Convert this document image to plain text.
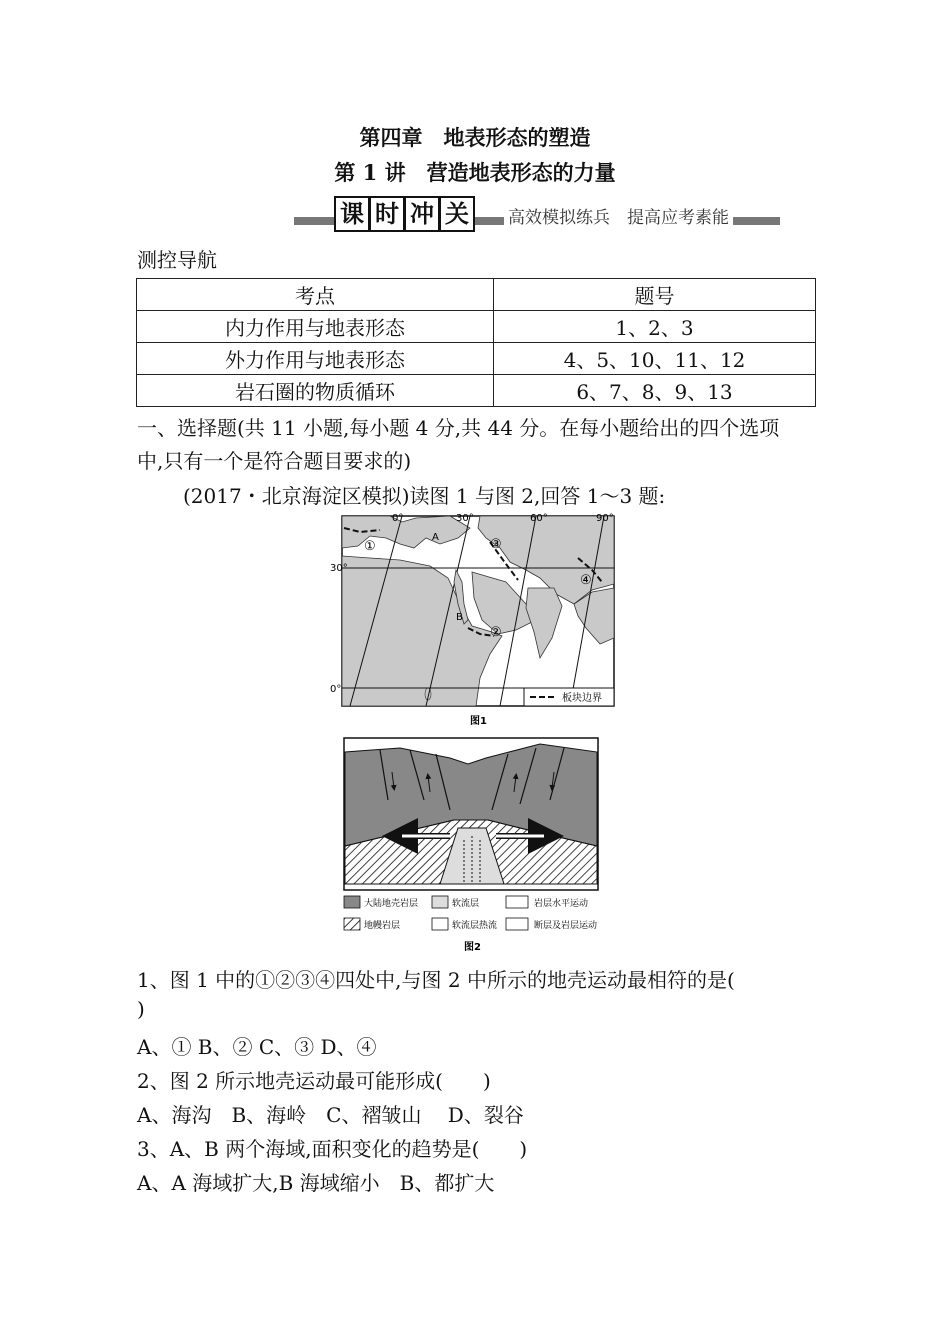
第四章　地表形态的塑造
第 1 讲　营造地表形态的力量
课 时 冲 关	高效模拟练兵　提高应考素能
测控导航
考点	题号
内力作用与地表形态	1、2、3
外力作用与地表形态	4、5、10、11、12
岩石圈的物质循环	6、7、8、9、13
一、选择题(共 11 小题,每小题 4 分,共 44 分。在每小题给出的四个选项
中,只有一个是符合题目要求的)
(2017・北京海淀区模拟)读图 1 与图 2,回答 1～3 题:
0°	30°	60°	90°
30°
0°
①
②
③
④
A
B
板块边界
图1
大陆地壳岩层	软流层	岩层水平运动
地幔岩层	软流层热流	断层及岩层运动
图2
1、图 1 中的①②③④四处中,与图 2 中所示的地壳运动最相符的是(
)
A、① B、② C、③ D、④
2、图 2 所示地壳运动最可能形成(　　)
A、海沟　B、海岭　C、褶皱山　 D、裂谷
3、A、B 两个海域,面积变化的趋势是(　　)
A、A 海域扩大,B 海域缩小　B、都扩大
